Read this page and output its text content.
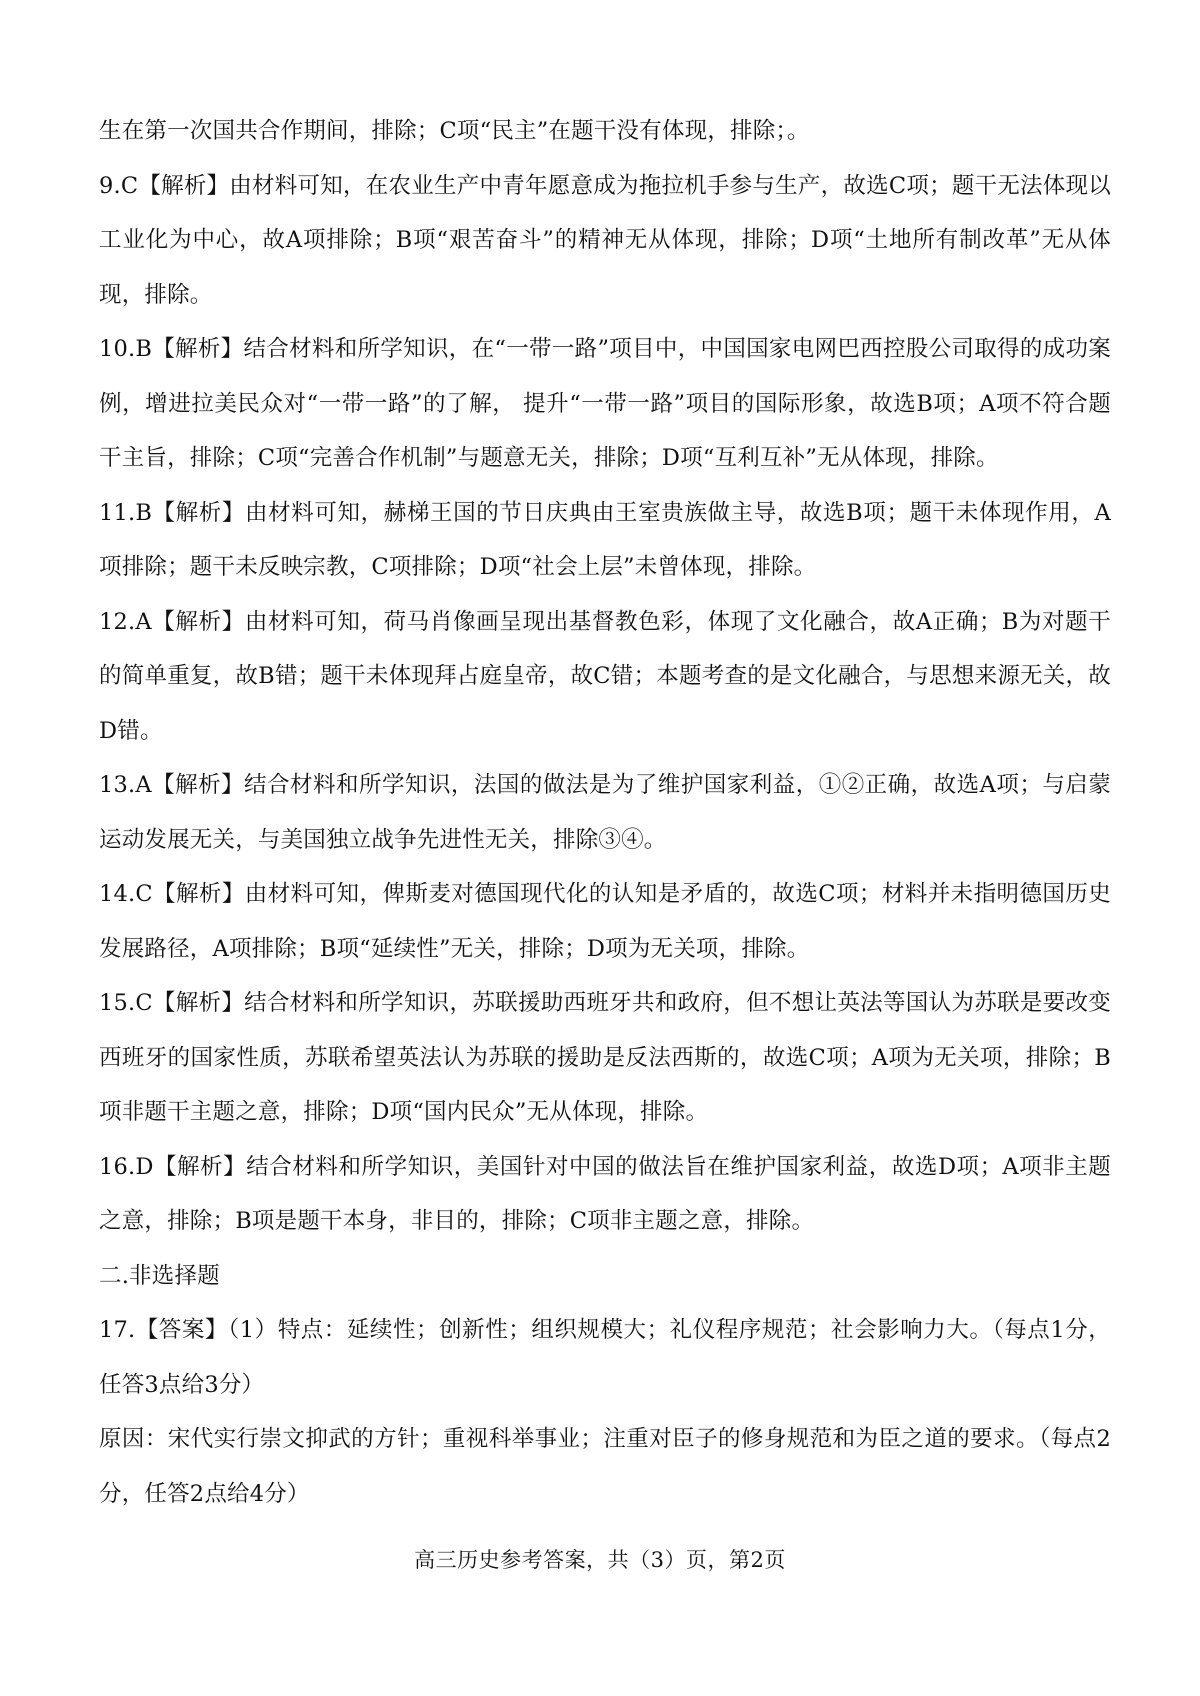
生在第一次国共合作期间，排除；C项“民主”在题干没有体现，排除；。

9.C【解析】由材料可知，在农业生产中青年愿意成为拖拉机手参与生产，故选C项；题干无法体现以工业化为中心，故A项排除；B项“艰苦奋斗”的精神无从体现，排除；D项“土地所有制改革”无从体现，排除。

10.B【解析】结合材料和所学知识，在“一带一路”项目中，中国国家电网巴西控股公司取得的成功案例，增进拉美民众对“一带一路”的了解， 提升“一带一路”项目的国际形象，故选B项；A项不符合题干主旨，排除；C项“完善合作机制”与题意无关，排除；D项“互利互补”无从体现，排除。

11.B【解析】由材料可知，赫梯王国的节日庆典由王室贵族做主导，故选B项；题干未体现作用，A项排除；题干未反映宗教，C项排除；D项“社会上层”未曾体现，排除。

12.A【解析】由材料可知，荷马肖像画呈现出基督教色彩，体现了文化融合，故A正确；B为对题干的简单重复，故B错；题干未体现拜占庭皇帝，故C错；本题考查的是文化融合，与思想来源无关，故D错。

13.A【解析】结合材料和所学知识，法国的做法是为了维护国家利益，①②正确，故选A项；与启蒙运动发展无关，与美国独立战争先进性无关，排除③④。

14.C【解析】由材料可知，俾斯麦对德国现代化的认知是矛盾的，故选C项；材料并未指明德国历史发展路径，A项排除；B项“延续性”无关，排除；D项为无关项，排除。

15.C【解析】结合材料和所学知识，苏联援助西班牙共和政府，但不想让英法等国认为苏联是要改变西班牙的国家性质，苏联希望英法认为苏联的援助是反法西斯的，故选C项；A项为无关项，排除；B项非题干主题之意，排除；D项“国内民众”无从体现，排除。

16.D【解析】结合材料和所学知识，美国针对中国的做法旨在维护国家利益，故选D项；A项非主题之意，排除；B项是题干本身，非目的，排除；C项非主题之意，排除。

二.非选择题

17.【答案】（1）特点：延续性；创新性；组织规模大；礼仪程序规范；社会影响力大。（每点1分，任答3点给3分）

原因：宋代实行崇文抑武的方针；重视科举事业；注重对臣子的修身规范和为臣之道的要求。（每点2分，任答2点给4分）

高三历史参考答案，共（3）页，第2页
